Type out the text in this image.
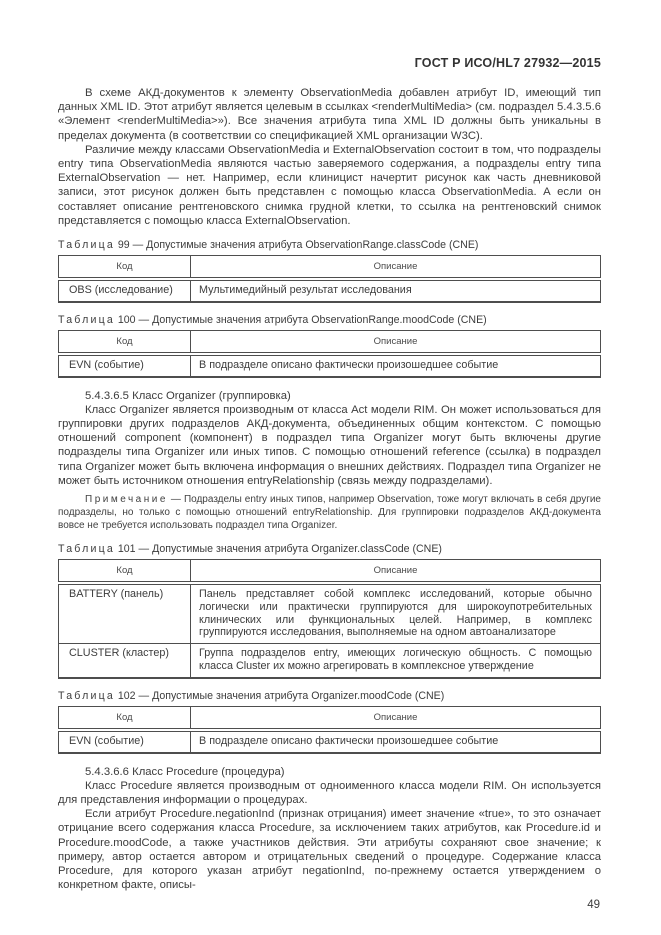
ГОСТ Р ИСО/HL7 27932—2015

В схеме АКД-документов к элементу ObservationMedia добавлен атрибут ID, имеющий тип данных XML ID. Этот атрибут является целевым в ссылках <renderMultiMedia> (см. подраздел 5.4.3.5.6 «Элемент <renderMultiMedia>»). Все значения атрибута типа XML ID должны быть уникальны в пределах документа (в соответствии со спецификацией XML организации W3C).

Различие между классами ObservationMedia и ExternalObservation состоит в том, что подразделы entry типа ObservationMedia являются частью заверяемого содержания, а подразделы entry типа ExternalObservation — нет. Например, если клиницист начертит рисунок как часть дневниковой записи, этот рисунок должен быть представлен с помощью класса ObservationMedia. А если он составляет описание рентгеновского снимка грудной клетки, то ссылка на рентгеновский снимок представляется с помощью класса ExternalObservation.

Таблица 99 — Допустимые значения атрибута ObservationRange.classCode (CNE)
Код	Описание
OBS (исследование)	Мультимедийный результат исследования
Таблица 100 — Допустимые значения атрибута ObservationRange.moodCode (CNE)
Код	Описание
EVN (событие)	В подразделе описано фактически произошедшее событие

5.4.3.6.5 Класс Organizer (группировка)

Класс Organizer является производным от класса Act модели RIM. Он может использоваться для группировки других подразделов АКД-документа, объединенных общим контекстом. С помощью отношений component (компонент) в подраздел типа Organizer могут быть включены другие подразделы типа Organizer или иных типов. С помощью отношений reference (ссылка) в подраздел типа Organizer может быть включена информация о внешних действиях. Подраздел типа Organizer не может быть источником отношения entryRelationship (связь между подразделами).

Примечание — Подразделы entry иных типов, например Observation, тоже могут включать в себя другие подразделы, но только с помощью отношений entryRelationship. Для группировки подразделов АКД-документа вовсе не требуется использовать подраздел типа Organizer.

Таблица 101 — Допустимые значения атрибута Organizer.classCode (CNE)
Код	Описание
BATTERY (панель)	Панель представляет собой комплекс исследований, которые обычно логически или практически группируются для широкоупотребительных клинических или функциональных целей. Например, в комплекс группируются исследования, выполняемые на одном автоанализаторе
CLUSTER (кластер)	Группа подразделов entry, имеющих логическую общность. С помощью класса Cluster их можно агрегировать в комплексное утверждение
Таблица 102 — Допустимые значения атрибута Organizer.moodCode (CNE)
Код	Описание
EVN (событие)	В подразделе описано фактически произошедшее событие

5.4.3.6.6 Класс Procedure (процедура)

Класс Procedure является производным от одноименного класса модели RIM. Он используется для представления информации о процедурах.

Если атрибут Procedure.negationInd (признак отрицания) имеет значение «true», то это означает отрицание всего содержания класса Procedure, за исключением таких атрибутов, как Procedure.id и Procedure.moodCode, а также участников действия. Эти атрибуты сохраняют свое значение; к примеру, автор остается автором и отрицательных сведений о процедуре. Содержание класса Procedure, для которого указан атрибут negationInd, по-прежнему остается утверждением о конкретном факте, описы-

49
